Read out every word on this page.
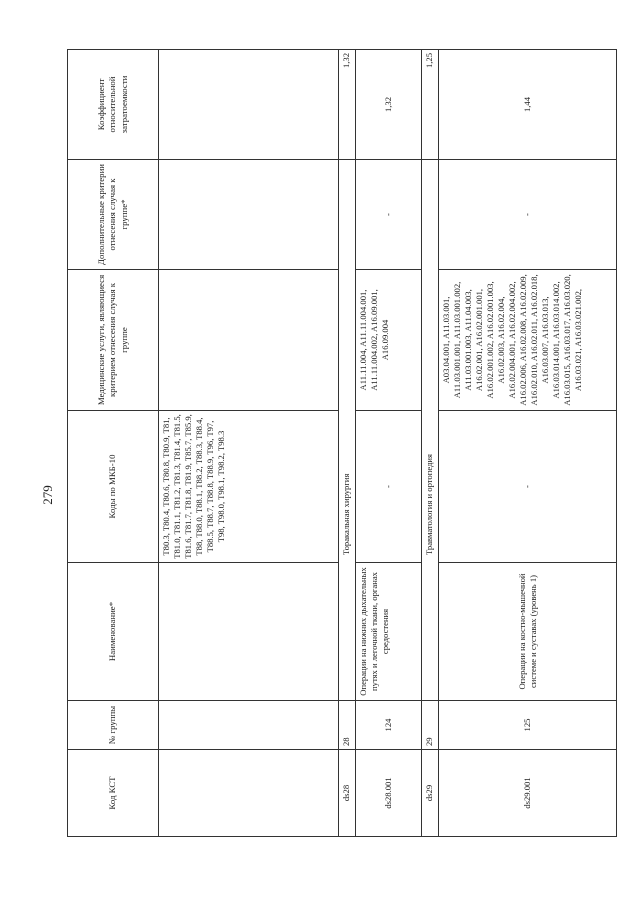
279
Код КСТ	№ группы	Наименование*	Коды по МКБ-10	Медицинские услуги, являющиеся критерием отнесения случая к группе	Дополнительные критерии отнесения случая к группе*	Коэффициент относительной затратоемкости
			T80.3, T80.4, T80.6, T80.8, T80.9, T81, T81.0, T81.1, T81.2, T81.3, T81.4, T81.5, T81.6, T81.7, T81.8, T81.9, T85.7, T85.9, T88, T88.0, T88.1, T88.2, T88.3, T88.4, T88.5, T88.7, T88.8, T88.9, T96, T97, T98, T98.0, T98.1, T98.2, T98.3			
ds28	28	Торакальная хирургия				1,32
ds28.001	124	Операции на нижних дыхательных путях и легочной ткани, органах средостения	-	A11.11.004, A11.11.004.001, A11.11.004.002, A16.09.001, A16.09.004	-	1,32
ds29	29	Травматология и ортопедия				1,25
ds29.001	125	Операции на костно-мышечной системе и суставах (уровень 1)	-	A03.04.001, A11.03.001, A11.03.001.001, A11.03.001.002, A11.03.001.003, A11.04.003, A16.02.001, A16.02.001.001, A16.02.001.002, A16.02.001.003, A16.02.003, A16.02.004, A16.02.004.001, A16.02.004.002, A16.02.006, A16.02.008, A16.02.009, A16.02.010, A16.02.011, A16.02.018, A16.03.007, A16.03.013, A16.03.014.001, A16.03.014.002, A16.03.015, A16.03.017, A16.03.020, A16.03.021, A16.03.021.002,	-	1,44
